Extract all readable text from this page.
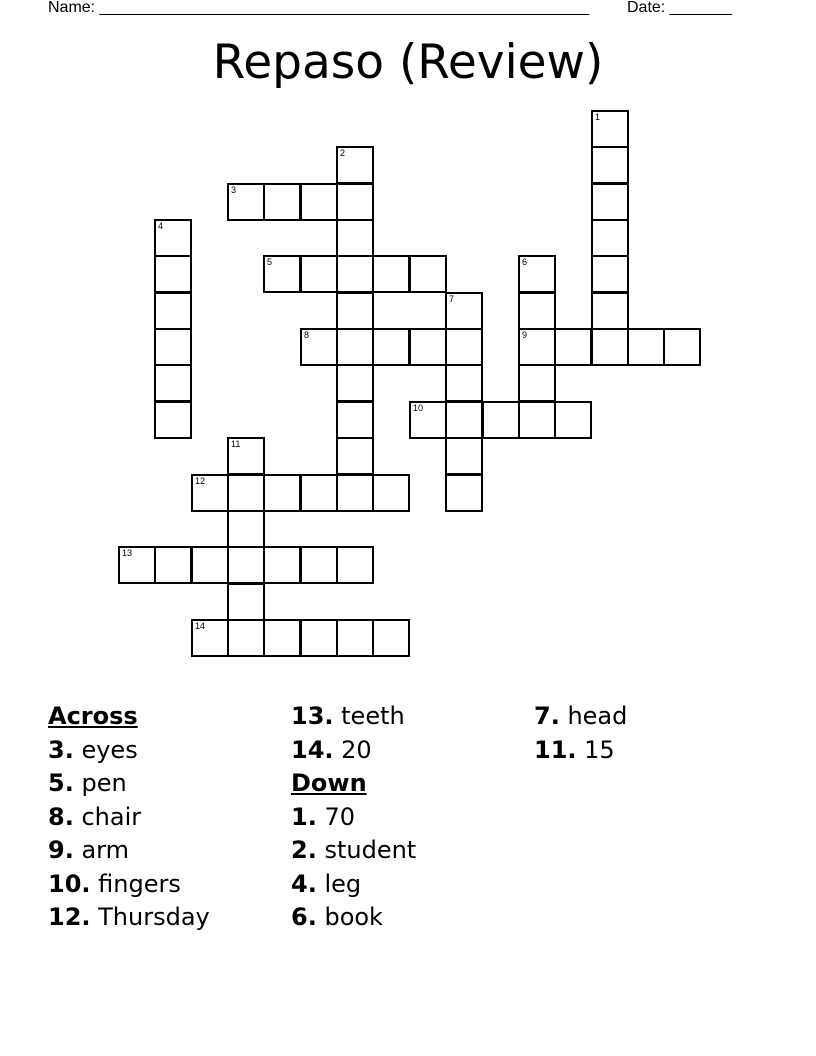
Name: _______________________________________________________ Date: _______
Repaso (Review)
1
2
3
4
5	6
9
7
8
10
11
12
13
14
Across
3. eyes
5. pen
8. chair
9. arm
10. fingers
12. Thursday
13. teeth
14. 20
Down
1. 70
2. student
4. leg
6. book
7. head
11. 15
